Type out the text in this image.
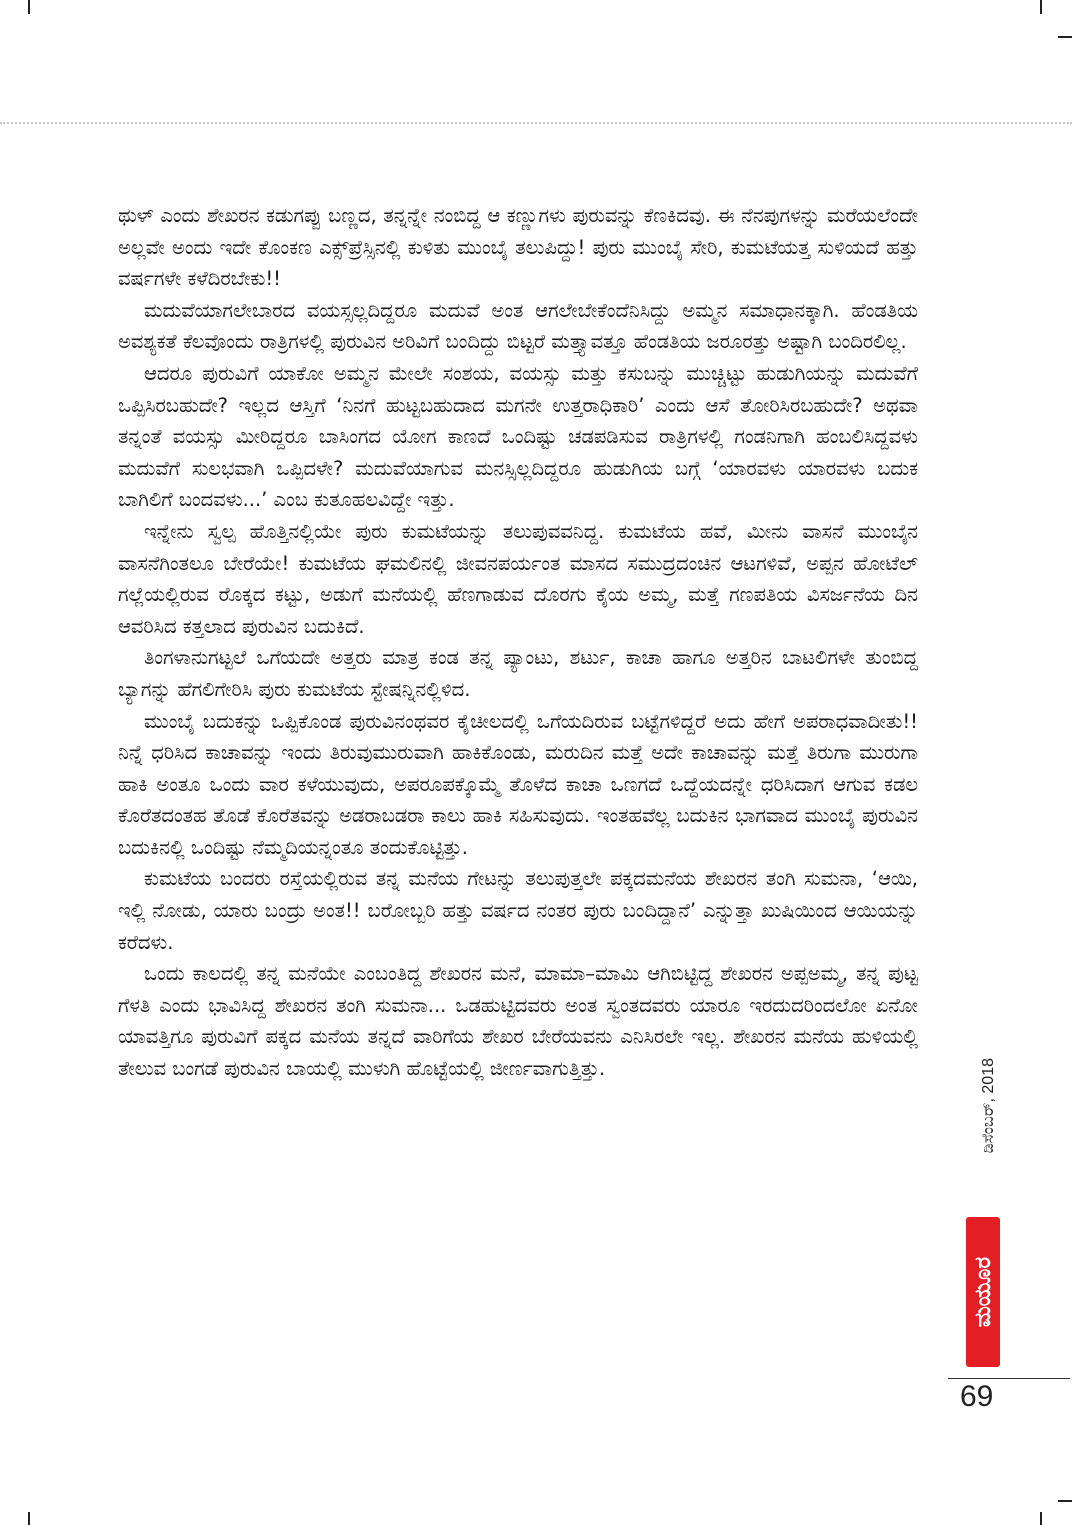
ಥುಳ್ ಎಂದು ಶೇಖರನ ಕಡುಗಪ್ಪು ಬಣ್ಣದ, ತನ್ನನ್ನೇ ನಂಬಿದ್ದ ಆ ಕಣ್ಣುಗಳು ಪುರುವನ್ನು ಕೆಣಕಿದವು. ಈ ನೆನಪುಗಳನ್ನು ಮರೆಯಲೆಂದೇ ಅಲ್ಲವೇ ಅಂದು ಇದೇ ಕೊಂಕಣ ಎಕ್ಸ್‌ಪ್ರೆಸ್ಸಿನಲ್ಲಿ ಕುಳಿತು ಮುಂಬೈ ತಲುಪಿದ್ದು! ಪುರು ಮುಂಬೈ ಸೇರಿ, ಕುಮಟೆಯತ್ತ ಸುಳಿಯದೆ ಹತ್ತು ವರ್ಷಗಳೇ ಕಳೆದಿರಬೇಕು!!

ಮದುವೆಯಾಗಲೇಬಾರದ ವಯಸ್ಸಲ್ಲದಿದ್ದರೂ ಮದುವೆ ಅಂತ ಆಗಲೇಬೇಕೆಂದೆನಿಸಿದ್ದು ಅಮ್ಮನ ಸಮಾಧಾನಕ್ಕಾಗಿ. ಹೆಂಡತಿಯ ಅವಶ್ಯಕತೆ ಕೆಲವೊಂದು ರಾತ್ರಿಗಳಲ್ಲಿ ಪುರುವಿನ ಅರಿವಿಗೆ ಬಂದಿದ್ದು ಬಿಟ್ಟರೆ ಮತ್ತ್ಯಾವತ್ತೂ ಹೆಂಡತಿಯ ಜರೂರತ್ತು ಅಷ್ಟಾಗಿ ಬಂದಿರಲಿಲ್ಲ.

ಆದರೂ ಪುರುವಿಗೆ ಯಾಕೋ ಅಮ್ಮನ ಮೇಲೇ ಸಂಶಯ, ವಯಸ್ಸು ಮತ್ತು ಕಸುಬನ್ನು ಮುಚ್ಚಿಟ್ಟು ಹುಡುಗಿಯನ್ನು ಮದುವೆಗೆ ಒಪ್ಪಿಸಿರಬಹುದೇ? ಇಲ್ಲದ ಆಸ್ತಿಗೆ ‘ನಿನಗೆ ಹುಟ್ಟಬಹುದಾದ ಮಗನೇ ಉತ್ತರಾಧಿಕಾರಿ’ ಎಂದು ಆಸೆ ತೋರಿಸಿರಬಹುದೇ? ಅಥವಾ ತನ್ನಂತೆ ವಯಸ್ಸು ಮೀರಿದ್ದರೂ ಬಾಸಿಂಗದ ಯೋಗ ಕಾಣದೆ ಒಂದಿಷ್ಟು ಚಡಪಡಿಸುವ ರಾತ್ರಿಗಳಲ್ಲಿ ಗಂಡನಿಗಾಗಿ ಹಂಬಲಿಸಿದ್ದವಳು ಮದುವೆಗೆ ಸುಲಭವಾಗಿ ಒಪ್ಪಿದಳೇ? ಮದುವೆಯಾಗುವ ಮನಸ್ಸಿಲ್ಲದಿದ್ದರೂ ಹುಡುಗಿಯ ಬಗ್ಗೆ ‘ಯಾರವಳು ಯಾರವಳು ಬದುಕ ಬಾಗಿಲಿಗೆ ಬಂದವಳು...’ ಎಂಬ ಕುತೂಹಲವಿದ್ದೇ ಇತ್ತು.

ಇನ್ನೇನು ಸ್ವಲ್ಪ ಹೊತ್ತಿನಲ್ಲಿಯೇ ಪುರು ಕುಮಟೆಯನ್ನು ತಲುಪುವವನಿದ್ದ. ಕುಮಟೆಯ ಹವೆ, ಮೀನು ವಾಸನೆ ಮುಂಬೈನ ವಾಸನೆಗಿಂತಲೂ ಬೇರೆಯೇ! ಕುಮಟೆಯ ಘಮಲಿನಲ್ಲಿ ಜೀವನಪರ್ಯಂತ ಮಾಸದ ಸಮುದ್ರದಂಚಿನ ಆಟಗಳಿವೆ, ಅಪ್ಪನ ಹೋಟೆಲ್ ಗಲ್ಲೆಯಲ್ಲಿರುವ ರೊಕ್ಕದ ಕಟ್ಟು, ಅಡುಗೆ ಮನೆಯಲ್ಲಿ ಹೆಣಗಾಡುವ ದೊರಗು ಕೈಯ ಅಮ್ಮ, ಮತ್ತೆ ಗಣಪತಿಯ ವಿಸರ್ಜನೆಯ ದಿನ ಆವರಿಸಿದ ಕತ್ತಲಾದ ಪುರುವಿನ ಬದುಕಿದೆ.

ತಿಂಗಳಾನುಗಟ್ಟಲೆ ಒಗೆಯದೇ ಅತ್ತರು ಮಾತ್ರ ಕಂಡ ತನ್ನ ಪ್ಯಾಂಟು, ಶರ್ಟು, ಕಾಚಾ ಹಾಗೂ ಅತ್ತರಿನ ಬಾಟಲಿಗಳೇ ತುಂಬಿದ್ದ ಬ್ಯಾಗನ್ನು ಹೆಗಲಿಗೇರಿಸಿ ಪುರು ಕುಮಟೆಯ ಸ್ಟೇಷನ್ನಿನಲ್ಲಿಳಿದ.

ಮುಂಬೈ ಬದುಕನ್ನು ಒಪ್ಪಿಕೊಂಡ ಪುರುವಿನಂಥವರ ಕೈಚೀಲದಲ್ಲಿ ಒಗೆಯದಿರುವ ಬಟ್ಟೆಗಳಿದ್ದರೆ ಅದು ಹೇಗೆ ಅಪರಾಧವಾದೀತು!! ನಿನ್ನೆ ಧರಿಸಿದ ಕಾಚಾವನ್ನು ಇಂದು ತಿರುವುಮುರುವಾಗಿ ಹಾಕಿಕೊಂಡು, ಮರುದಿನ ಮತ್ತೆ ಅದೇ ಕಾಚಾವನ್ನು ಮತ್ತೆ ತಿರುಗಾ ಮುರುಗಾ ಹಾಕಿ ಅಂತೂ ಒಂದು ವಾರ ಕಳೆಯುವುದು, ಅಪರೂಪಕ್ಕೊಮ್ಮೆ ತೊಳೆದ ಕಾಚಾ ಒಣಗದೆ ಒದ್ದೆಯದನ್ನೇ ಧರಿಸಿದಾಗ ಆಗುವ ಕಡಲ ಕೊರೆತದಂತಹ ತೊಡೆ ಕೊರೆತವನ್ನು ಅಡರಾಬಡರಾ ಕಾಲು ಹಾಕಿ ಸಹಿಸುವುದು. ಇಂತಹವೆಲ್ಲ ಬದುಕಿನ ಭಾಗವಾದ ಮುಂಬೈ ಪುರುವಿನ ಬದುಕಿನಲ್ಲಿ ಒಂದಿಷ್ಟು ನೆಮ್ಮದಿಯನ್ನಂತೂ ತಂದುಕೊಟ್ಟಿತ್ತು.

ಕುಮಟೆಯ ಬಂದರು ರಸ್ತೆಯಲ್ಲಿರುವ ತನ್ನ ಮನೆಯ ಗೇಟನ್ನು ತಲುಪುತ್ತಲೇ ಪಕ್ಕದಮನೆಯ ಶೇಖರನ ತಂಗಿ ಸುಮನಾ, ‘ಆಯಿ, ಇಲ್ಲಿ ನೋಡು, ಯಾರು ಬಂದ್ರು ಅಂತ!! ಬರೋಬ್ಬರಿ ಹತ್ತು ವರ್ಷದ ನಂತರ ಪುರು ಬಂದಿದ್ದಾನೆ’ ಎನ್ನುತ್ತಾ ಖುಷಿಯಿಂದ ಆಯಿಯನ್ನು ಕರೆದಳು.

ಒಂದು ಕಾಲದಲ್ಲಿ ತನ್ನ ಮನೆಯೇ ಎಂಬಂತಿದ್ದ ಶೇಖರನ ಮನೆ, ಮಾಮಾ–ಮಾಮಿ ಆಗಿಬಿಟ್ಟಿದ್ದ ಶೇಖರನ ಅಪ್ಪಅಮ್ಮ, ತನ್ನ ಪುಟ್ಟ ಗೆಳತಿ ಎಂದು ಭಾವಿಸಿದ್ದ ಶೇಖರನ ತಂಗಿ ಸುಮನಾ... ಒಡಹುಟ್ಟಿದವರು ಅಂತ ಸ್ವಂತದವರು ಯಾರೂ ಇರದುದರಿಂದಲೋ ಏನೋ ಯಾವತ್ತಿಗೂ ಪುರುವಿಗೆ ಪಕ್ಕದ ಮನೆಯ ತನ್ನದೆ ವಾರಿಗೆಯ ಶೇಖರ ಬೇರೆಯವನು ಎನಿಸಿರಲೇ ಇಲ್ಲ. ಶೇಖರನ ಮನೆಯ ಹುಳಿಯಲ್ಲಿ ತೇಲುವ ಬಂಗಡೆ ಪುರುವಿನ ಬಾಯಲ್ಲಿ ಮುಳುಗಿ ಹೊಟ್ಟೆಯಲ್ಲಿ ಜೀರ್ಣವಾಗುತ್ತಿತ್ತು.	ಡಿಸೆಂಬರ್, 2018
ಮಯೂರ
69
